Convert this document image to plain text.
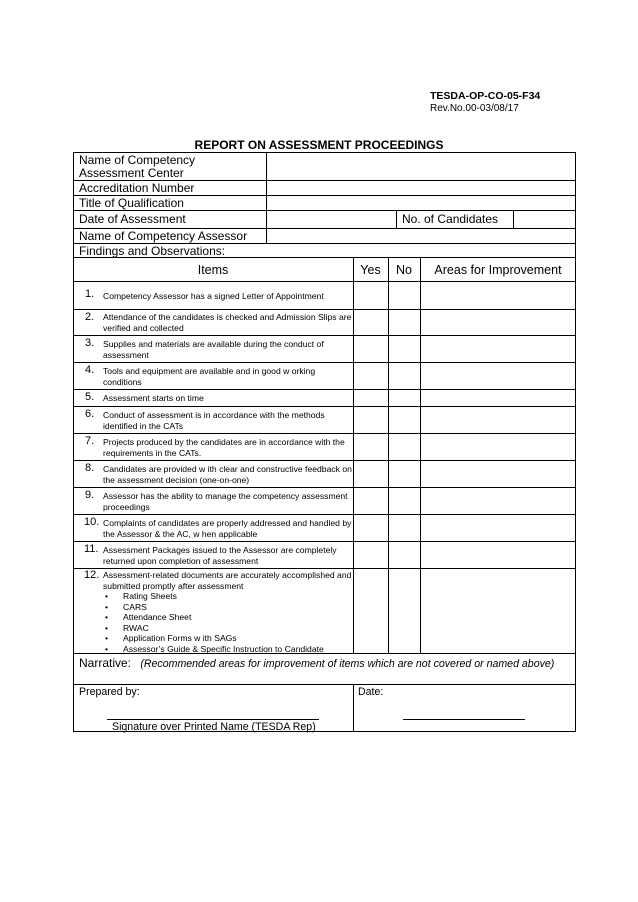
TESDA-OP-CO-05-F34
Rev.No.00-03/08/17
REPORT ON ASSESSMENT PROCEEDINGS
Name of Competency Assessment Center
Accreditation Number
Title of Qualification
Date of Assessment	No. of Candidates
Name of Competency Assessor
Findings and Observations:
Items	Yes	No	Areas for Improvement
1. Competency Assessor has a signed Letter of Appointment
2. Attendance of the candidates is checked and Admission Slips are verified and collected
3. Supplies and materials are available during the conduct of assessment
4. Tools and equipment are available and in good w orking conditions
5. Assessment starts on time
6. Conduct of assessment is in accordance with the methods identified in the CATs
7. Projects produced by the candidates are in accordance with the requirements in the CATs.
8. Candidates are provided w ith clear and constructive feedback on the assessment decision (one-on-one)
9. Assessor has the ability to manage the competency assessment proceedings
10. Complaints of candidates are properly addressed and handled by the Assessor & the AC, w hen applicable
11. Assessment Packages issued to the Assessor are completely returned upon completion of assessment
12. Assessment-related documents are accurately accomplished and submitted promptly after assessment
• Rating Sheets
• CARS
• Attendance Sheet
• RWAC
• Application Forms w ith SAGs
• Assessor’s Guide & Specific Instruction to Candidate
Narrative: (Recommended areas for improvement of items which are not covered or named above)
Prepared by:	Date:
Signature over Printed Name (TESDA Rep)
